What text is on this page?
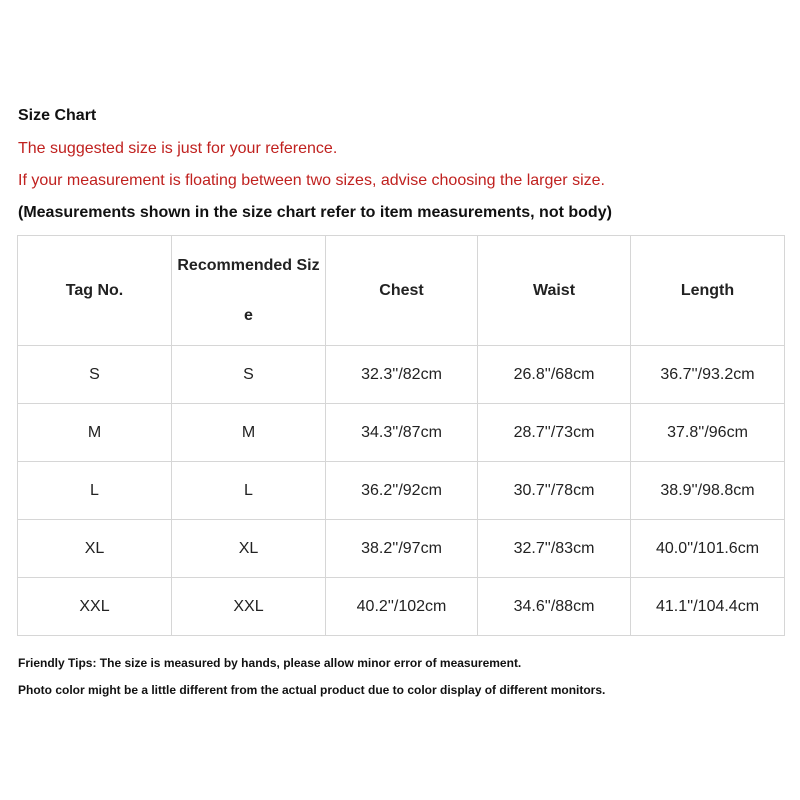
Size Chart
The suggested size is just for your reference.
If your measurement is floating between two sizes, advise choosing the larger size.
(Measurements shown in the size chart refer to item measurements, not body)
Tag No.	Recommended Size	Chest	Waist	Length
S	S	32.3''/82cm	26.8''/68cm	36.7''/93.2cm
M	M	34.3''/87cm	28.7''/73cm	37.8''/96cm
L	L	36.2''/92cm	30.7''/78cm	38.9''/98.8cm
XL	XL	38.2''/97cm	32.7''/83cm	40.0''/101.6cm
XXL	XXL	40.2''/102cm	34.6''/88cm	41.1''/104.4cm
Friendly Tips: The size is measured by hands, please allow minor error of measurement.
Photo color might be a little different from the actual product due to color display of different monitors.
